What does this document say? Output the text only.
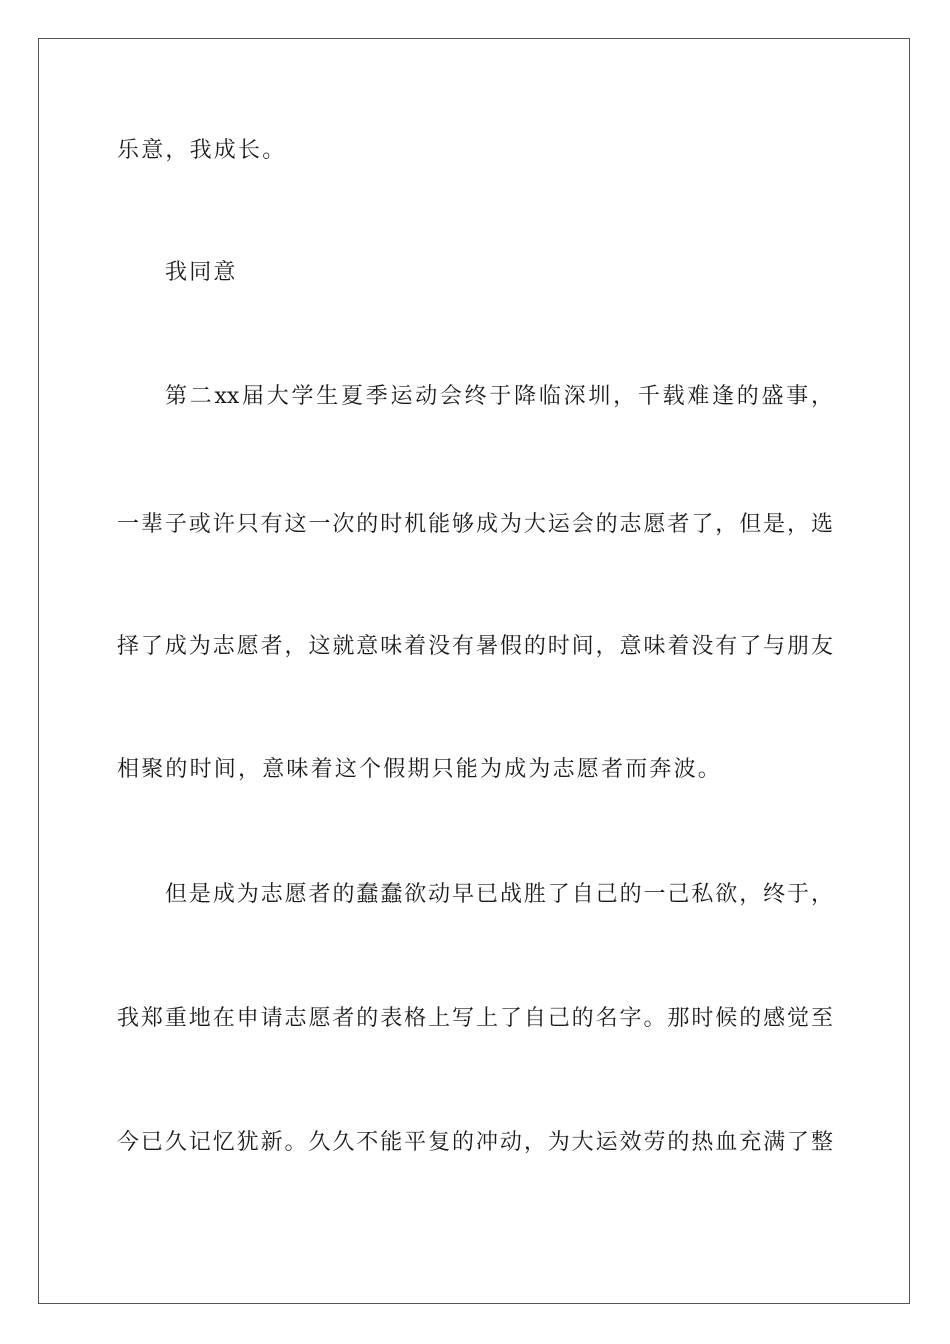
乐意，我成长。
我同意
第二xx届大学生夏季运动会终于降临深圳，千载难逢的盛事，
一辈子或许只有这一次的时机能够成为大运会的志愿者了，但是，选
择了成为志愿者，这就意味着没有暑假的时间，意味着没有了与朋友
相聚的时间，意味着这个假期只能为成为志愿者而奔波。
但是成为志愿者的蠢蠢欲动早已战胜了自己的一己私欲，终于，
我郑重地在申请志愿者的表格上写上了自己的名字。那时候的感觉至
今已久记忆犹新。久久不能平复的冲动，为大运效劳的热血充满了整
